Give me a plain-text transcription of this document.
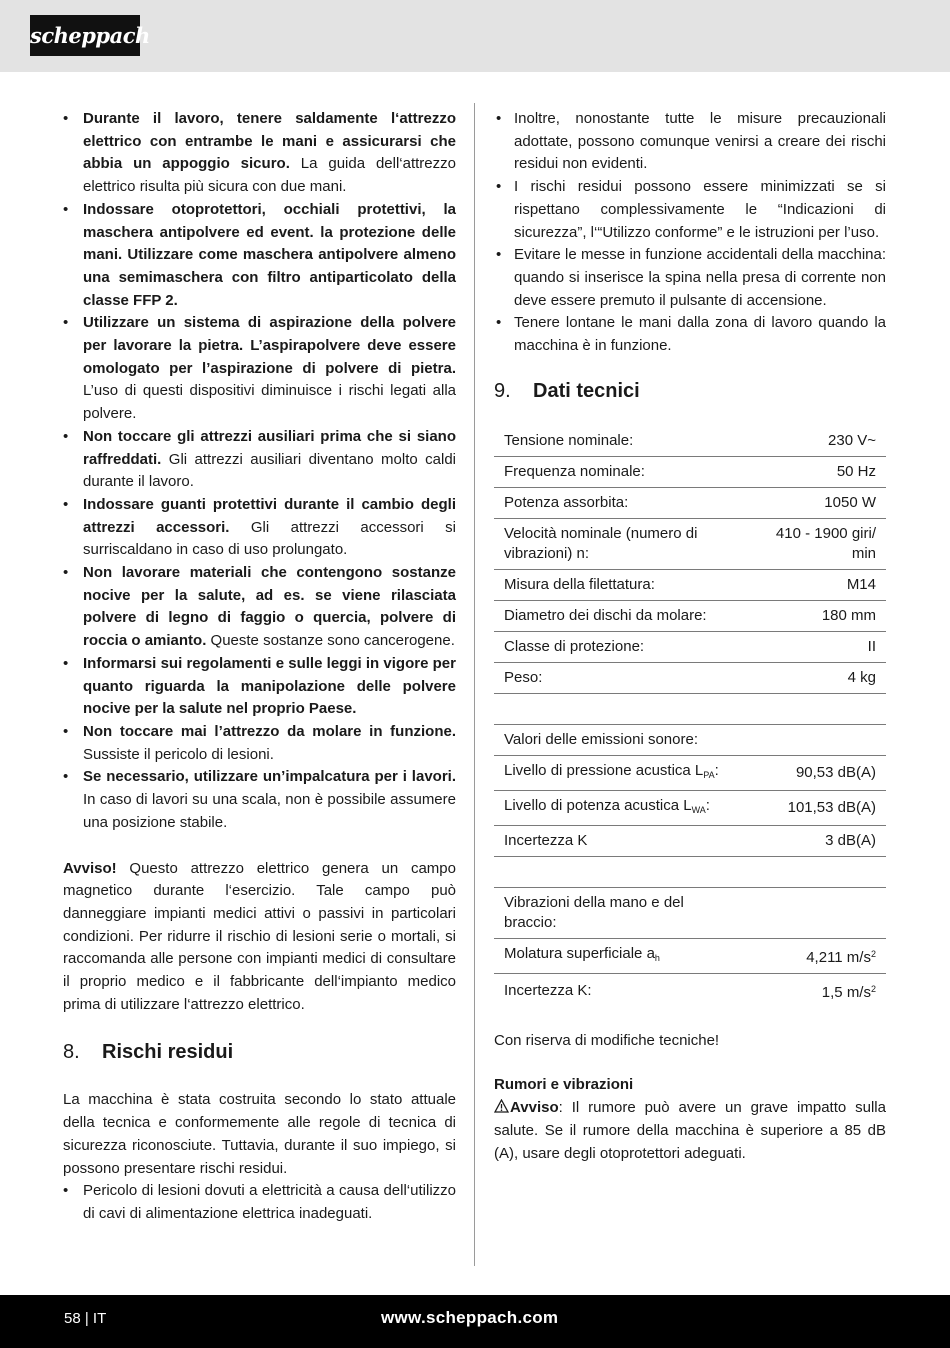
scheppach
• Durante il lavoro, tenere saldamente l‘attrezzo elettrico con entrambe le mani e assicurarsi che abbia un appoggio sicuro. La guida dell‘attrezzo elettrico risulta più sicura con due mani.
• Indossare otoprotettori, occhiali protettivi, la maschera antipolvere ed event. la protezione delle mani. Utilizzare come maschera antipolvere almeno una semimaschera con filtro antiparticolato della classe FFP 2.
• Utilizzare un sistema di aspirazione della polvere per lavorare la pietra. L’aspirapolvere deve essere omologato per l’aspirazione di polvere di pietra. L’uso di questi dispositivi diminuisce i rischi legati alla polvere.
• Non toccare gli attrezzi ausiliari prima che si siano raffreddati. Gli attrezzi ausiliari diventano molto caldi durante il lavoro.
• Indossare guanti protettivi durante il cambio degli attrezzi accessori. Gli attrezzi accessori si surriscaldano in caso di uso prolungato.
• Non lavorare materiali che contengono sostanze nocive per la salute, ad es. se viene rilasciata polvere di legno di faggio o quercia, polvere di roccia o amianto. Queste sostanze sono cancerogene.
• Informarsi sui regolamenti e sulle leggi in vigore per quanto riguarda la manipolazione delle polvere nocive per la salute nel proprio Paese.
• Non toccare mai l’attrezzo da molare in funzione. Sussiste il pericolo di lesioni.
• Se necessario, utilizzare un’impalcatura per i lavori. In caso di lavori su una scala, non è possibile assumere una posizione stabile.

Avviso! Questo attrezzo elettrico genera un campo magnetico durante l‘esercizio. Tale campo può danneggiare impianti medici attivi o passivi in particolari condizioni. Per ridurre il rischio di lesioni serie o mortali, si raccomanda alle persone con impianti medici di consultare il proprio medico e il fabbricante dell‘impianto medico prima di utilizzare l‘attrezzo elettrico.

8. Rischi residui

La macchina è stata costruita secondo lo stato attuale della tecnica e conformemente alle regole di tecnica di sicurezza riconosciute. Tuttavia, durante il suo impiego, si possono presentare rischi residui.

• Pericolo di lesioni dovuti a elettricità a causa dell‘utilizzo di cavi di alimentazione elettrica inadeguati.
• Inoltre, nonostante tutte le misure precauzionali adottate, possono comunque venirsi a creare dei rischi residui non evidenti.
• I rischi residui possono essere minimizzati se si rispettano complessivamente le “Indicazioni di sicurezza”, l‘“Utilizzo conforme” e le istruzioni per l’uso.
• Evitare le messe in funzione accidentali della macchina: quando si inserisce la spina nella presa di corrente non deve essere premuto il pulsante di accensione.
• Tenere lontane le mani dalla zona di lavoro quando la macchina è in funzione.
9. Dati tecnici
Tensione nominale:	230 V~
Frequenza nominale:	50 Hz
Potenza assorbita:	1050 W
Velocità nominale (numero di vibrazioni) n:	410 - 1900 giri/ min
Misura della filettatura:	M14
Diametro dei dischi da molare:	180 mm
Classe di protezione:	II
Peso:	4 kg
Valori delle emissioni sonore:	
Livello di pressione acustica $L_{PA}$:	90,53 dB(A)
Livello di potenza acustica $L_{WA}$:	101,53 dB(A)
Incertezza K	3 dB(A)
Vibrazioni della mano e del braccio:	
Molatura superficiale $a_h$	4,211 $m/s^2$
Incertezza K:	1,5 $m/s^2$

Con riserva di modifiche tecniche!

Rumori e vibrazioni

Avviso: Il rumore può avere un grave impatto sulla salute. Se il rumore della macchina è superiore a 85 dB (A), usare degli otoprotettori adeguati.

58 | IT	www.scheppach.com
